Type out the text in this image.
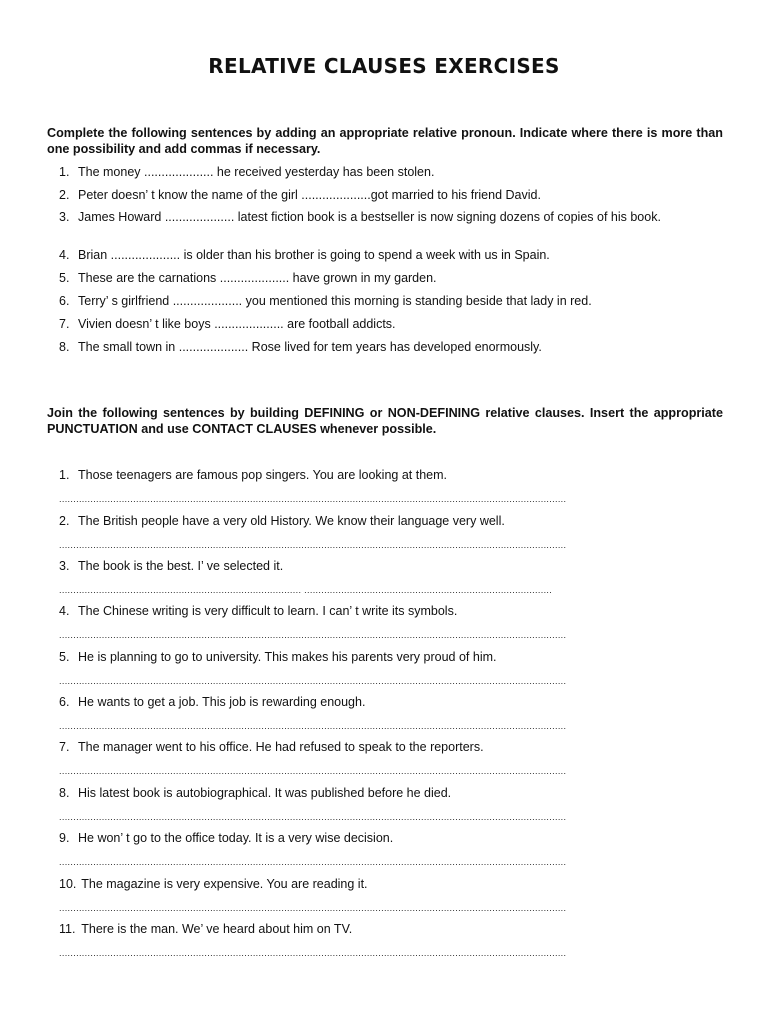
RELATIVE CLAUSES EXERCISES
Complete the following sentences by adding an appropriate relative pronoun. Indicate where there is more than one possibility and add commas if necessary.
1. The money .................... he received yesterday has been stolen.
2. Peter doesn’ t know the name of the girl ....................got married to his friend David.
3. James Howard .................... latest fiction book is a bestseller is now signing dozens of copies of his book.
4. Brian .................... is older than his brother is going to spend a week with us in Spain.
5. These are the carnations .................... have grown in my garden.
6. Terry’ s girlfriend .................... you mentioned this morning is standing beside that lady in red.
7. Vivien doesn’ t like boys .................... are football addicts.
8. The small town in .................... Rose lived for tem years has developed enormously.
Join the following sentences by building DEFINING or NON-DEFINING relative clauses. Insert the appropriate PUNCTUATION and use CONTACT CLAUSES whenever possible.
1. Those teenagers are famous pop singers. You are looking at them.
..................................................................................................................................................................................
2. The British people have a very old History. We know their language very well.
..................................................................................................................................................................................
3. The book is the best. I’ ve selected it.
..................................................................................... .......................................................................................
4. The Chinese writing is very difficult to learn. I can’ t write its symbols.
..................................................................................................................................................................................
5. He is planning to go to university. This makes his parents very proud of him.
..................................................................................................................................................................................
6. He wants to get a job. This job is rewarding enough.
..................................................................................................................................................................................
7. The manager went to his office. He had refused to speak to the reporters.
..................................................................................................................................................................................
8. His latest book is autobiographical. It was published before he died.
..................................................................................................................................................................................
9. He won’ t go to the office today. It is a very wise decision.
..................................................................................................................................................................................
10. The magazine is very expensive. You are reading it.
..................................................................................................................................................................................
11. There is the man. We’ ve heard about him on TV.
..................................................................................................................................................................................
